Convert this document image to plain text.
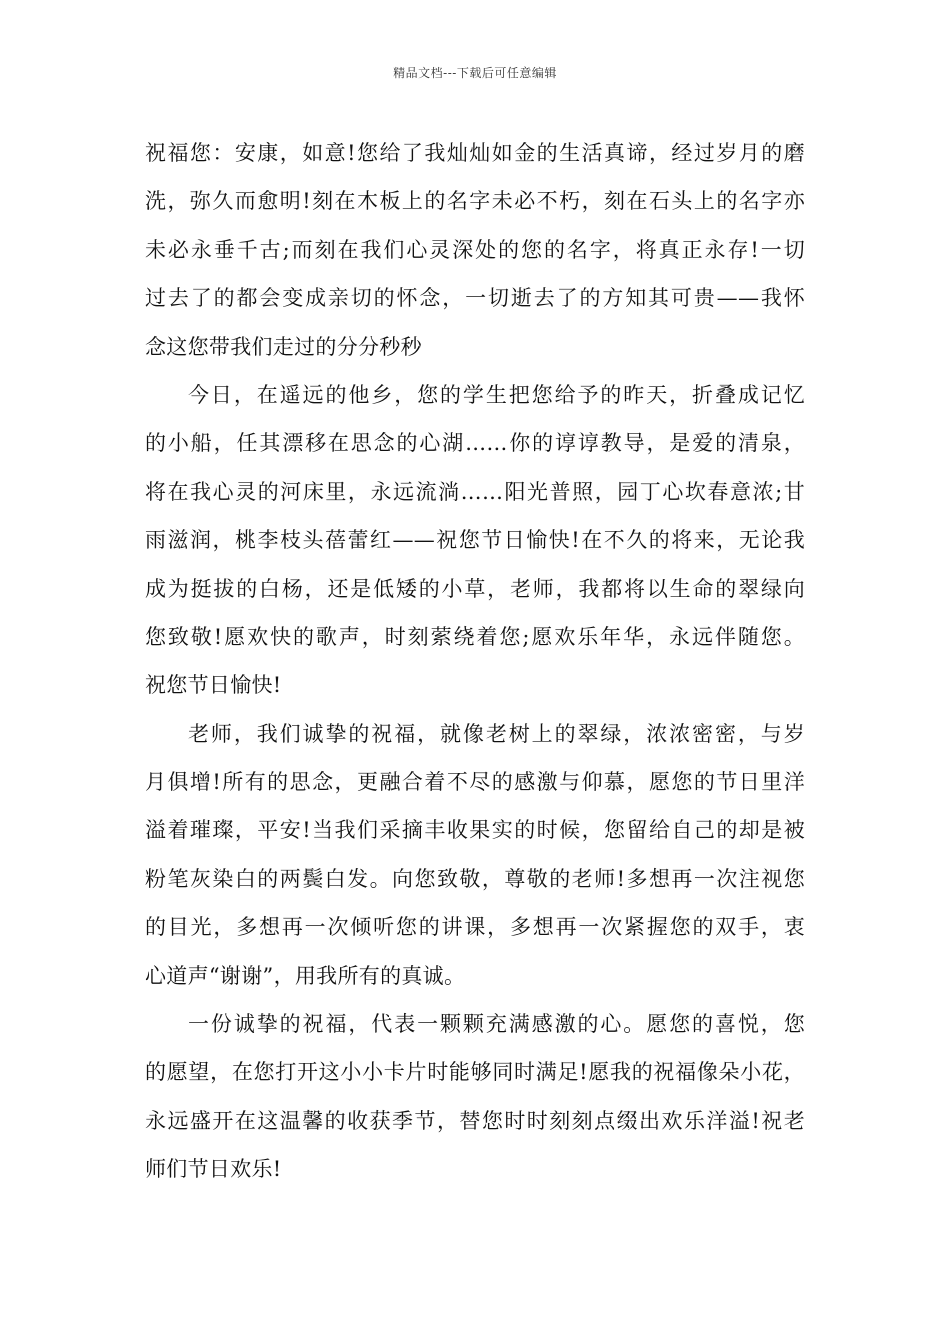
精品文档---下载后可任意编辑
祝福您：安康，如意!您给了我灿灿如金的生活真谛，经过岁月的磨
洗，弥久而愈明!刻在木板上的名字未必不朽，刻在石头上的名字亦
未必永垂千古;而刻在我们心灵深处的您的名字，将真正永存!一切
过去了的都会变成亲切的怀念，一切逝去了的方知其可贵——我怀
念这您带我们走过的分分秒秒
今日，在遥远的他乡，您的学生把您给予的昨天，折叠成记忆
的小船，任其漂移在思念的心湖……你的谆谆教导，是爱的清泉，
将在我心灵的河床里，永远流淌……阳光普照，园丁心坎春意浓;甘
雨滋润，桃李枝头蓓蕾红——祝您节日愉快!在不久的将来，无论我
成为挺拔的白杨，还是低矮的小草，老师，我都将以生命的翠绿向
您致敬!愿欢快的歌声，时刻萦绕着您;愿欢乐年华，永远伴随您。
祝您节日愉快!
老师，我们诚挚的祝福，就像老树上的翠绿，浓浓密密，与岁
月俱增!所有的思念，更融合着不尽的感激与仰慕，愿您的节日里洋
溢着璀璨，平安!当我们采摘丰收果实的时候，您留给自己的却是被
粉笔灰染白的两鬓白发。向您致敬，尊敬的老师!多想再一次注视您
的目光，多想再一次倾听您的讲课，多想再一次紧握您的双手，衷
心道声“谢谢”，用我所有的真诚。
一份诚挚的祝福，代表一颗颗充满感激的心。愿您的喜悦，您
的愿望，在您打开这小小卡片时能够同时满足!愿我的祝福像朵小花，
永远盛开在这温馨的收获季节，替您时时刻刻点缀出欢乐洋溢!祝老
师们节日欢乐!
